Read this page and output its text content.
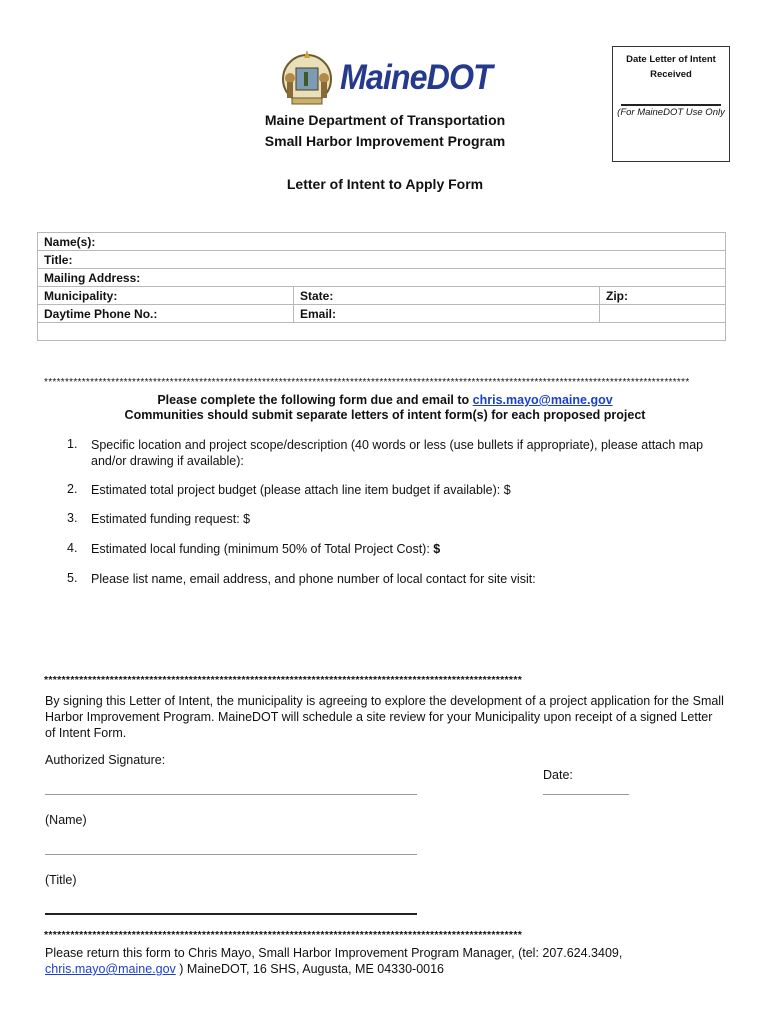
MaineDOT
Maine Department of Transportation
Small Harbor Improvement Program
Letter of Intent to Apply Form
Date Letter of Intent Received
(For MaineDOT Use Only
Name(s):		
Title:		
Mailing Address:		
Municipality:	State:	Zip:
Daytime Phone No.:	Email:	

**********************************************************************************************************************************************************
Please complete the following form due and email to chris.mayo@maine.gov
Communities should submit separate letters of intent form(s) for each proposed project
1. Specific location and project scope/description (40 words or less (use bullets if appropriate), please attach map and/or drawing if available):
2. Estimated total project budget (please attach line item budget if available): $
3. Estimated funding request: $
4. Estimated local funding (minimum 50% of Total Project Cost): $
5. Please list name, email address, and phone number of local contact for site visit:
*************************************************************************************************************
By signing this Letter of Intent, the municipality is agreeing to explore the development of a project application for the Small Harbor Improvement Program. MaineDOT will schedule a site review for your Municipality upon receipt of a signed Letter of Intent Form.
Authorized Signature:
Date:
(Name)
(Title)
*************************************************************************************************************
Please return this form to Chris Mayo, Small Harbor Improvement Program Manager, (tel: 207.624.3409,
chris.mayo@maine.gov ) MaineDOT, 16 SHS, Augusta, ME 04330-0016
